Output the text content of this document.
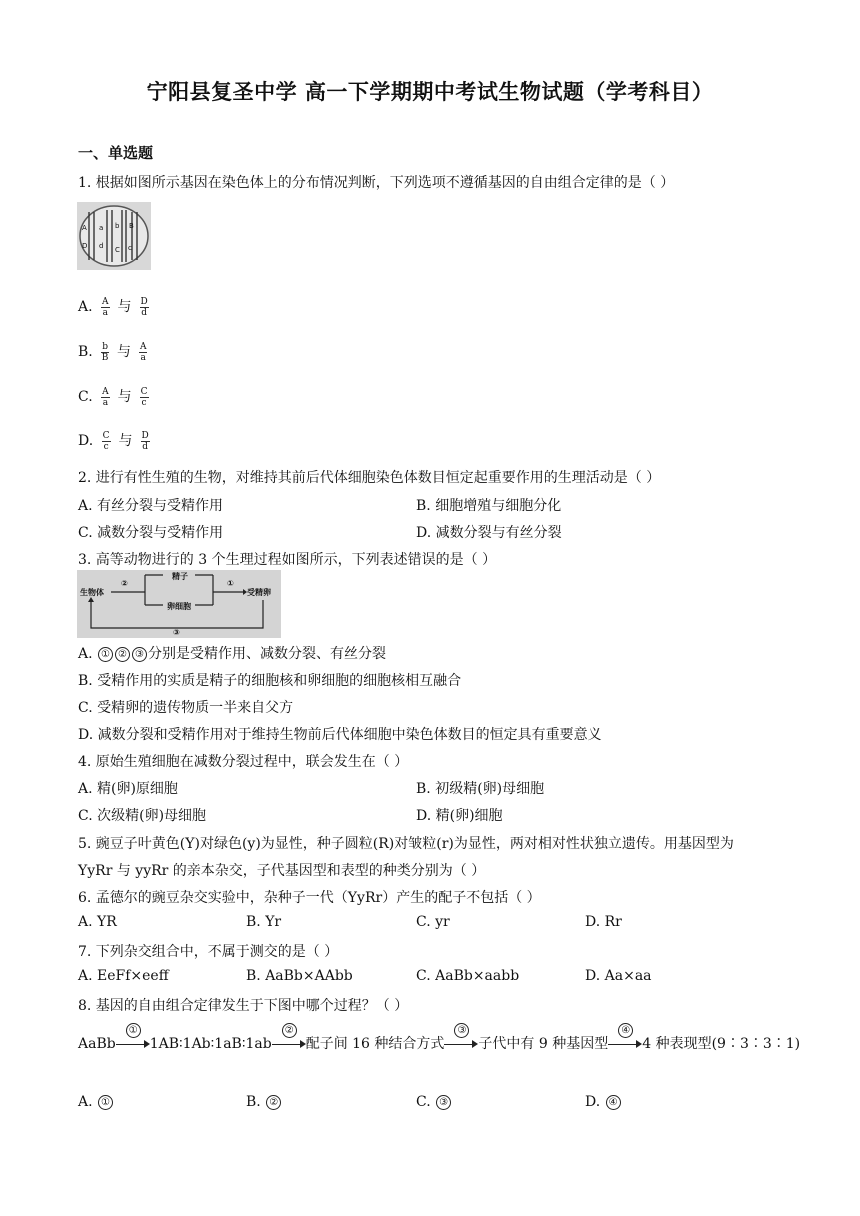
宁阳县复圣中学 高一下学期期中考试生物试题（学考科目）
一、单选题
1. 根据如图所示基因在染色体上的分布情况判断，下列选项不遵循基因的自由组合定律的是（ ）
A a b B
D d C c
A. $\frac{A}{a}$ 与 $\frac{D}{d}$
B. $\frac{b}{B}$ 与 $\frac{A}{a}$
C. $\frac{A}{a}$ 与 $\frac{C}{c}$
D. $\frac{C}{c}$ 与 $\frac{D}{d}$
2. 进行有性生殖的生物，对维持其前后代体细胞染色体数目恒定起重要作用的生理活动是（ ）
A. 有丝分裂与受精作用	B. 细胞增殖与细胞分化
C. 减数分裂与受精作用	D. 减数分裂与有丝分裂
3. 高等动物进行的 3 个生理过程如图所示，下列表述错误的是（ ）
生物体
精子
卵细胞
受精卵
②	①
③
A. ① ② ③ 分别是受精作用、减数分裂、有丝分裂
B. 受精作用的实质是精子的细胞核和卵细胞的细胞核相互融合
C. 受精卵的遗传物质一半来自父方
D. 减数分裂和受精作用对于维持生物前后代体细胞中染色体数目的恒定具有重要意义
4. 原始生殖细胞在减数分裂过程中，联会发生在（ ）
A. 精(卵)原细胞	B. 初级精(卵)母细胞
C. 次级精(卵)母细胞	D. 精(卵)细胞
5. 豌豆子叶黄色(Y)对绿色(y)为显性，种子圆粒(R)对皱粒(r)为显性，两对相对性状独立遗传。用基因型为
YyRr 与 yyRr 的亲本杂交，子代基因型和表型的种类分别为（ ）
6. 孟德尔的豌豆杂交实验中，杂种子一代（YyRr）产生的配子不包括（ ）
A. YR	B. Yr	C. yr	D. Rr
7. 下列杂交组合中，不属于测交的是（ ）
A. EeFf×eeff	B. AaBb×AAbb	C. AaBb×aabb	D. Aa×aa
8. 基因的自由组合定律发生于下图中哪个过程？（ ）
AaBb
①
1AB∶1Ab∶1aB∶1ab
②
配子间 16 种结合方式
③
子代中有 9 种基因型
④
4 种表现型(9∶3∶3∶1)
A. ①	B. ②	C. ③	D. ④
